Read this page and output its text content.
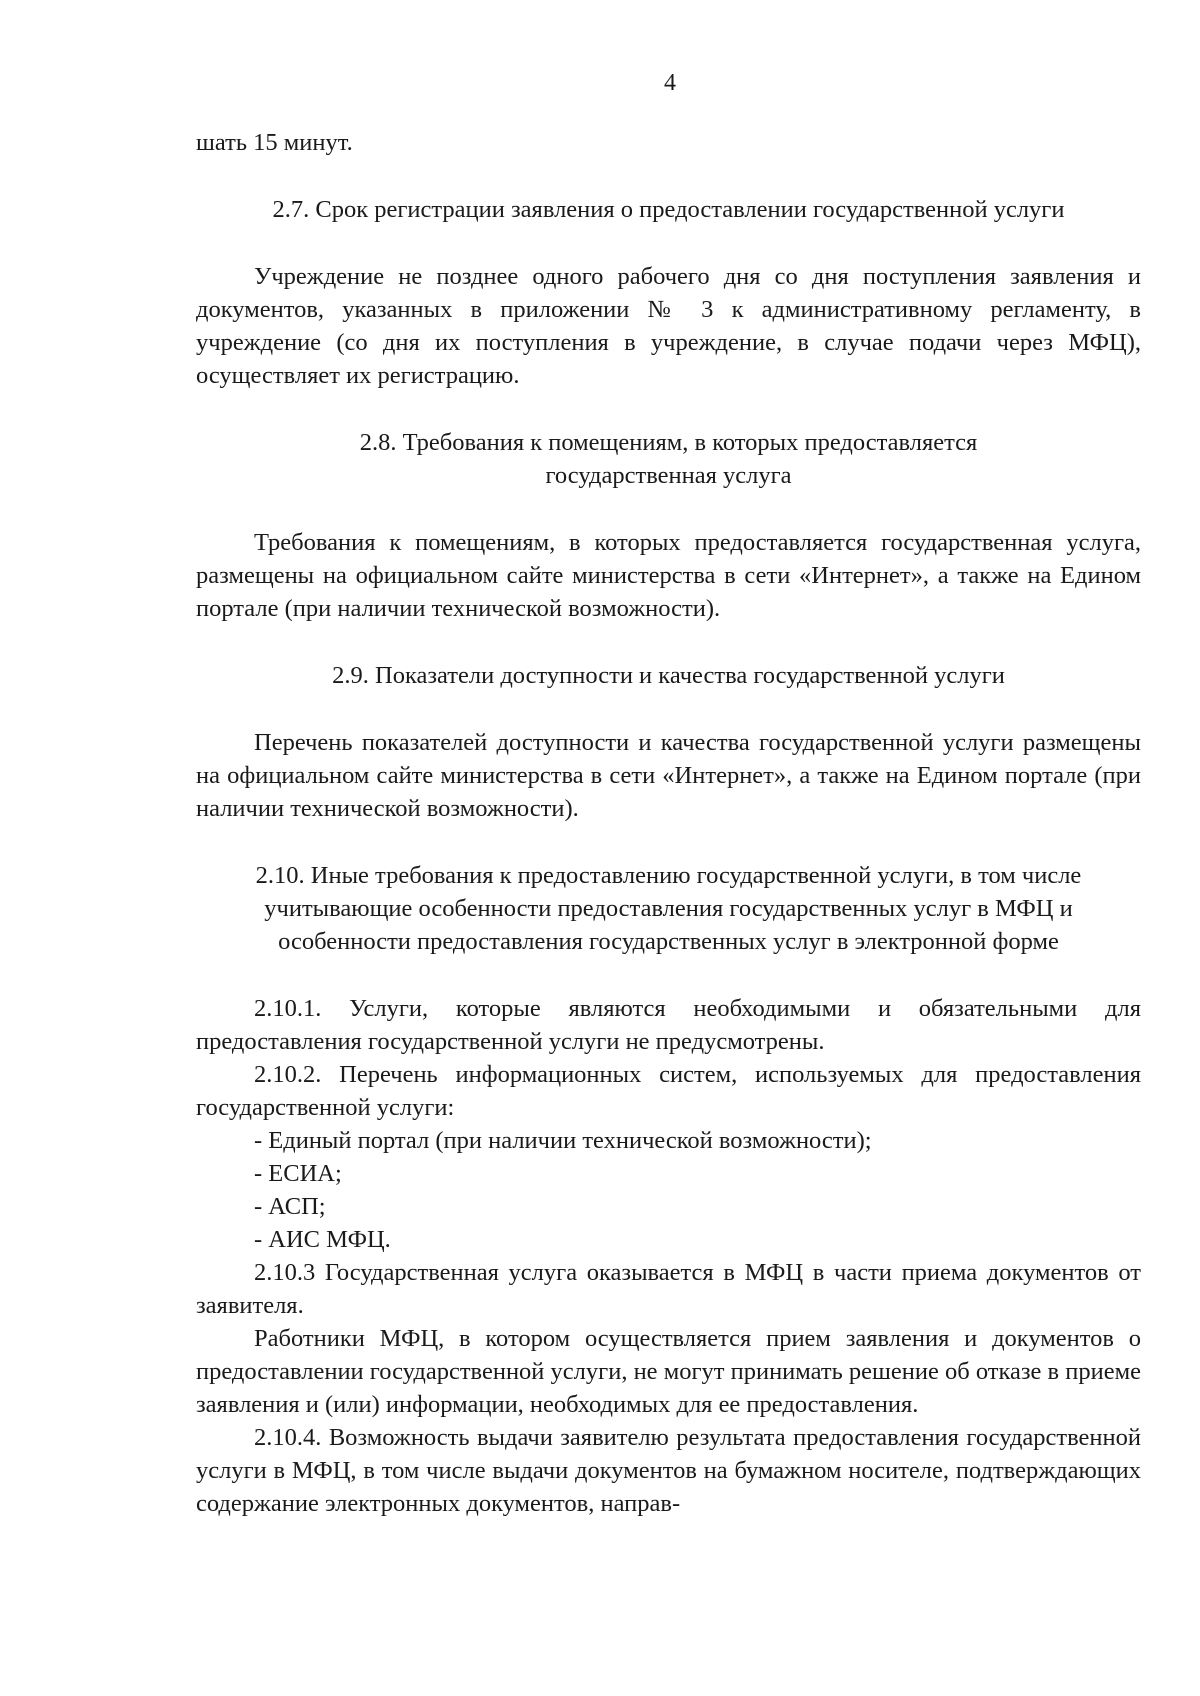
4

шать 15 минут.

2.7. Срок регистрации заявления о предоставлении государственной услуги

Учреждение не позднее одного рабочего дня со дня поступления заявления и документов, указанных в приложении № 3 к административному регламенту, в учреждение (со дня их поступления в учреждение, в случае подачи через МФЦ), осуществляет их регистрацию.

2.8. Требования к помещениям, в которых предоставляется

государственная услуга

Требования к помещениям, в которых предоставляется государственная услуга, размещены на официальном сайте министерства в сети «Интернет», а также на Едином портале (при наличии технической возможности).

2.9. Показатели доступности и качества государственной услуги

Перечень показателей доступности и качества государственной услуги размещены на официальном сайте министерства в сети «Интернет», а также на Едином портале (при наличии технической возможности).

2.10. Иные требования к предоставлению государственной услуги, в том числе учитывающие особенности предоставления государственных услуг в МФЦ и особенности предоставления государственных услуг в электронной форме

2.10.1. Услуги, которые являются необходимыми и обязательными для предоставления государственной услуги не предусмотрены.

2.10.2. Перечень информационных систем, используемых для предоставления государственной услуги:

- Единый портал (при наличии технической возможности);

- ЕСИА;

- АСП;

- АИС МФЦ.

2.10.3 Государственная услуга оказывается в МФЦ в части приема документов от заявителя.

Работники МФЦ, в котором осуществляется прием заявления и документов о предоставлении государственной услуги, не могут принимать решение об отказе в приеме заявления и (или) информации, необходимых для ее предоставления.

2.10.4. Возможность выдачи заявителю результата предоставления государственной услуги в МФЦ, в том числе выдачи документов на бумажном носителе, подтверждающих содержание электронных документов, направ-
